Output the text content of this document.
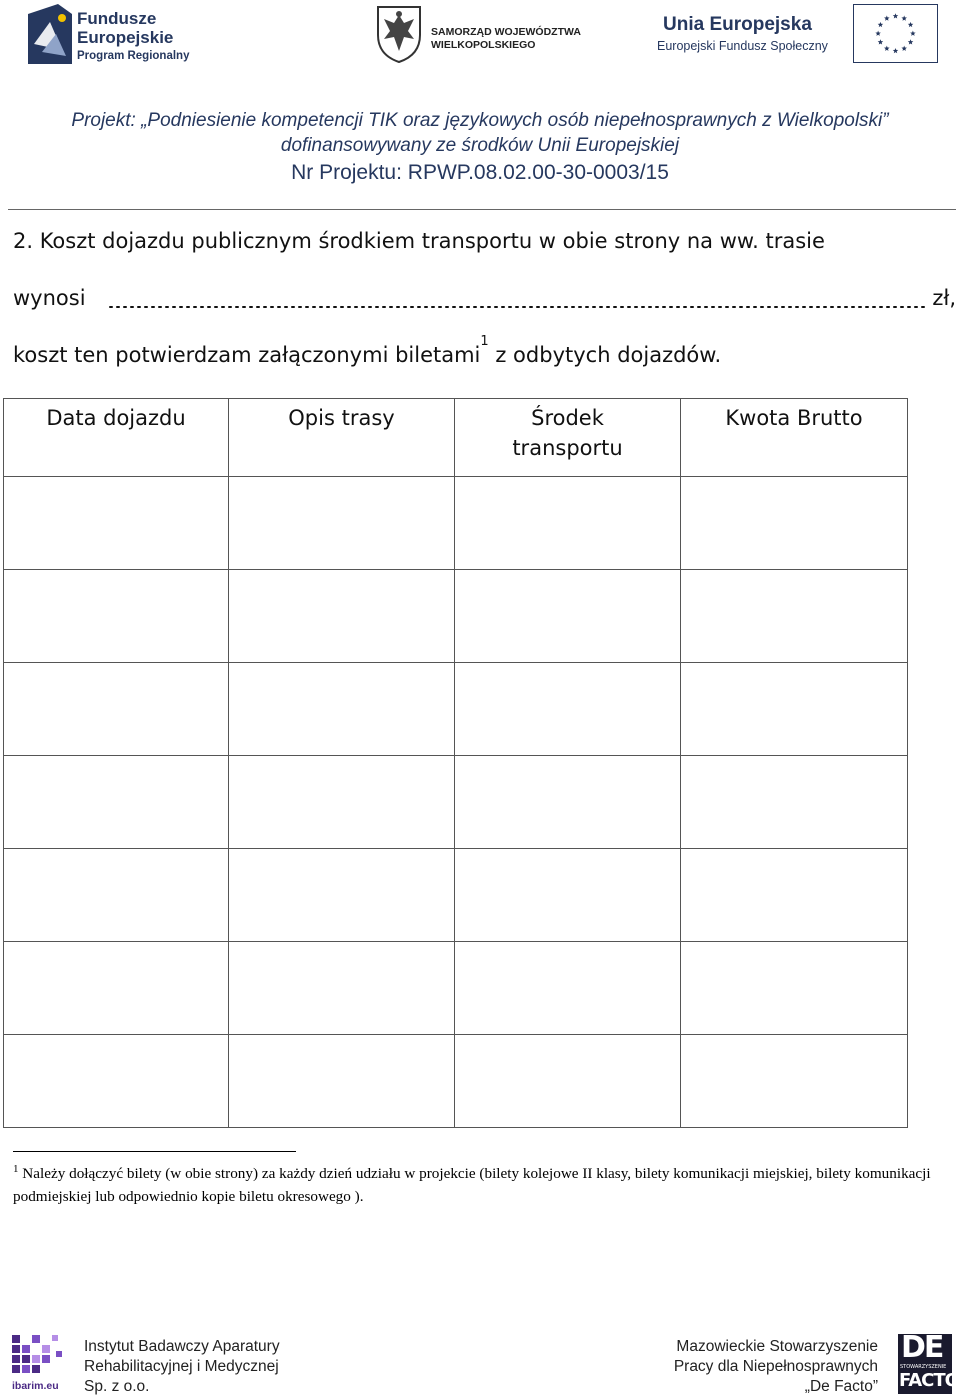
Fundusze
Europejskie
Program Regionalny
SAMORZĄD WOJEWÓDZTWA
WIELKOPOLSKIEGO
Unia Europejska
Europejski Fundusz Społeczny
Projekt: „Podniesienie kompetencji TIK oraz językowych osób niepełnosprawnych z Wielkopolski”
dofinansowywany ze środków Unii Europejskiej
Nr Projektu: RPWP.08.02.00-30-0003/15
2. Koszt dojazdu publicznym środkiem transportu w obie strony na ww. trasie
wynosi	zł,
koszt ten potwierdzam załączonymi biletami$^1$ z odbytych dojazdów.
Data dojazdu	Opis trasy	Środek transportu	Kwota Brutto

$^1$ Należy dołączyć bilety (w obie strony) za każdy dzień udziału w projekcie (bilety kolejowe II klasy, bilety komunikacji miejskiej, bilety komunikacji podmiejskiej lub odpowiednio kopie biletu okresowego ).
ibarim.eu
Instytut Badawczy Aparatury
Rehabilitacyjnej i Medycznej
Sp. z o.o.
Mazowieckie Stowarzyszenie
Pracy dla Niepełnosprawnych
„De Facto”
DE
STOWARZYSZENIE
FACTO
